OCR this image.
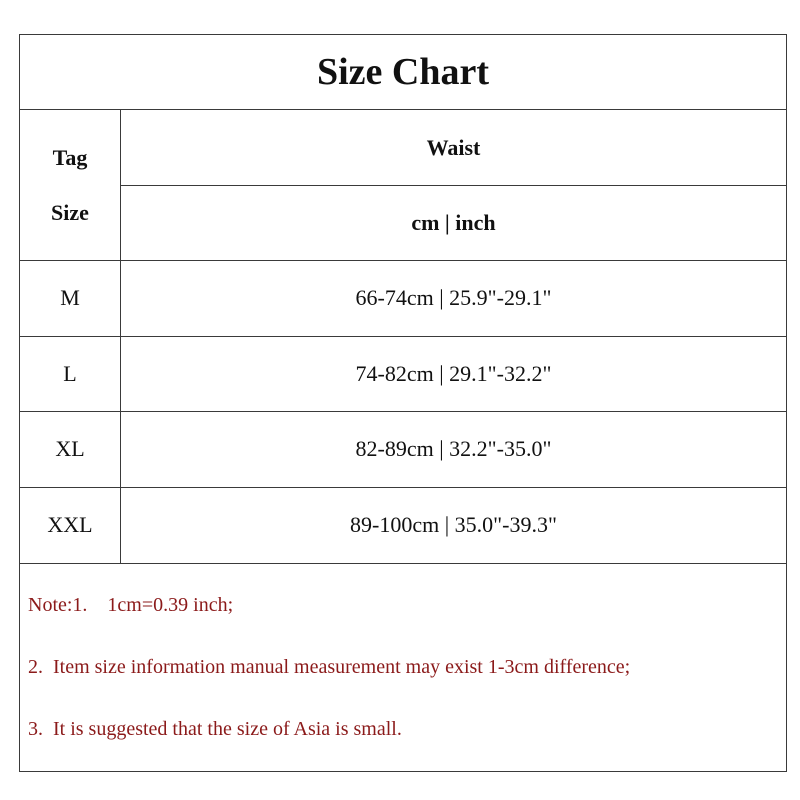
Size Chart
Tag
Size
M
L
XL
XXL
Waist
cm | inch
66-74cm | 25.9"-29.1"
74-82cm | 29.1"-32.2"
82-89cm | 32.2"-35.0"
89-100cm | 35.0"-39.3"
Note:1.    1cm=0.39 inch;
2.  Item size information manual measurement may exist 1-3cm difference;
3.  It is suggested that the size of Asia is small.
